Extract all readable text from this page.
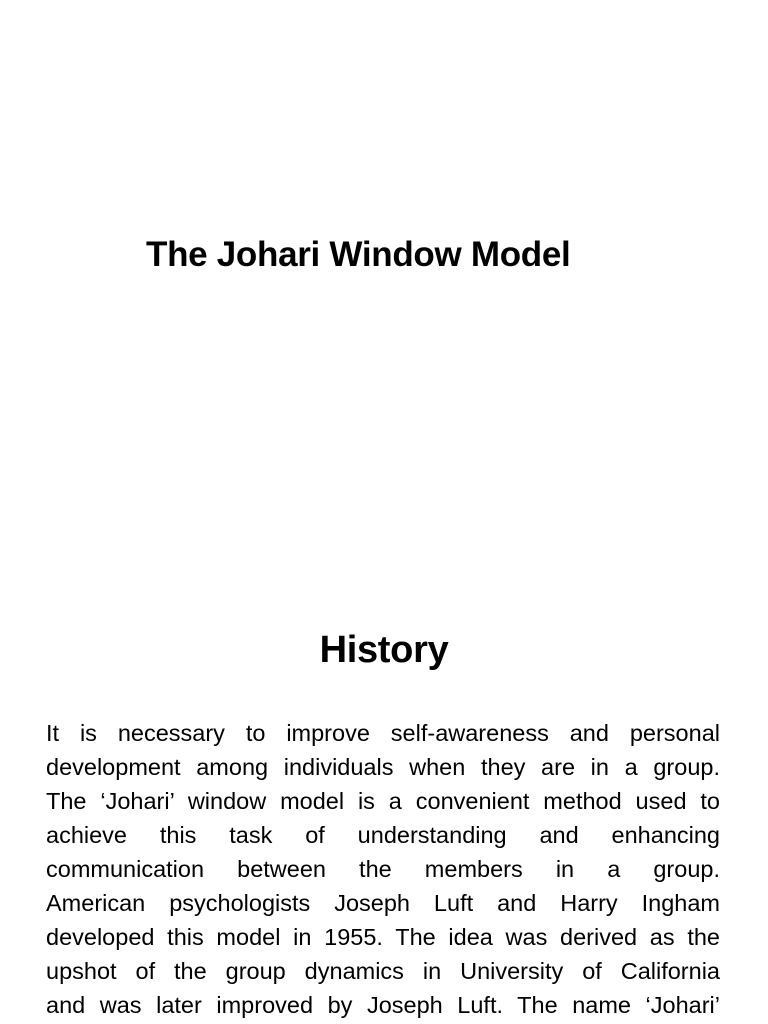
The Johari Window Model
History
It is necessary to improve self-awareness and personal
development among individuals when they are in a group.
The ‘Johari’ window model is a convenient method used to
achieve this task of understanding and enhancing
communication between the members in a group.
American psychologists Joseph Luft and Harry Ingham
developed this model in 1955. The idea was derived as the
upshot of the group dynamics in University of California
and was later improved by Joseph Luft. The name ‘Johari’
